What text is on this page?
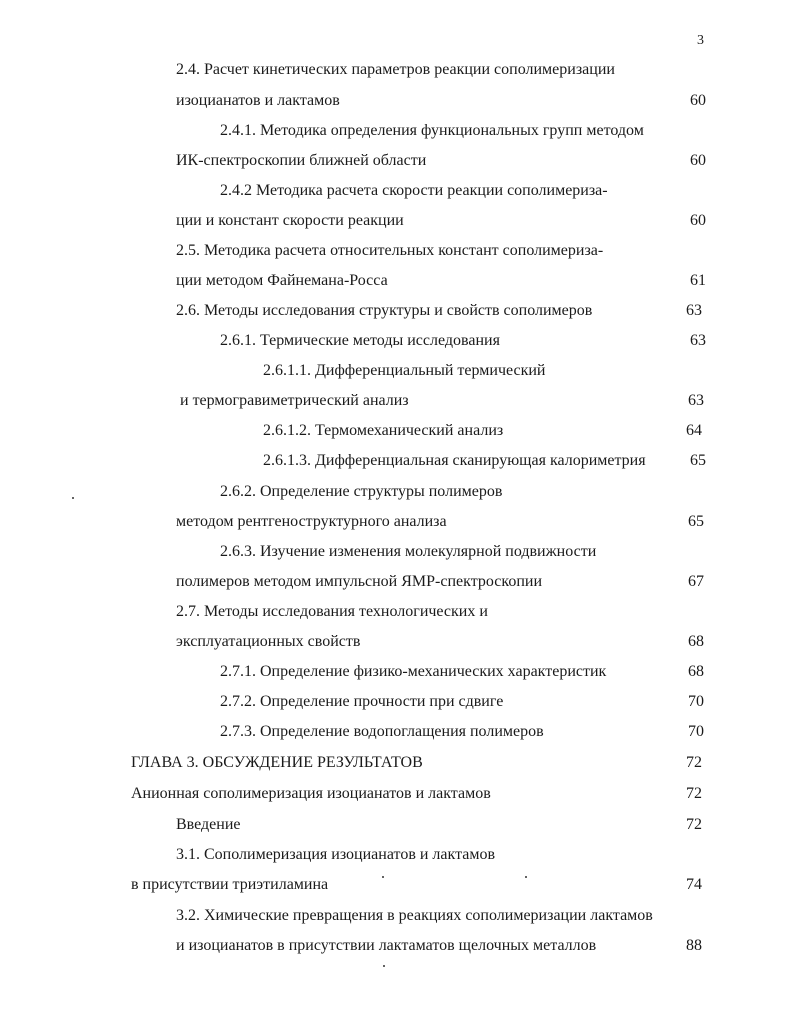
3
2.4. Расчет кинетических параметров реакции сополимеризации
изоцианатов и лактамов	60
2.4.1. Методика определения функциональных групп методом
ИК-спектроскопии ближней области	60
2.4.2 Методика расчета скорости реакции сополимериза-
ции и констант скорости реакции	60
2.5. Методика расчета относительных констант сополимериза-
ции методом Файнемана-Росса	61
2.6. Методы исследования структуры и свойств сополимеров	63
2.6.1. Термические методы исследования	63
2.6.1.1. Дифференциальный термический
и термогравиметрический анализ	63
2.6.1.2. Термомеханический анализ	64
2.6.1.3. Дифференциальная сканирующая калориметрия	65
2.6.2. Определение структуры полимеров
методом рентгеноструктурного анализа	65
2.6.3. Изучение изменения молекулярной подвижности
полимеров методом импульсной ЯМР-спектроскопии	67
2.7. Методы исследования технологических и
эксплуатационных свойств	68
2.7.1. Определение физико-механических характеристик	68
2.7.2. Определение прочности при сдвиге	70
2.7.3. Определение водопоглащения полимеров	70
ГЛАВА 3. ОБСУЖДЕНИЕ РЕЗУЛЬТАТОВ	72
Анионная сополимеризация изоцианатов и лактамов	72
Введение	72
3.1. Сополимеризация изоцианатов и лактамов
в присутствии триэтиламина	74
3.2. Химические превращения в реакциях сополимеризации лактамов
и изоцианатов в присутствии лактаматов щелочных металлов	88
